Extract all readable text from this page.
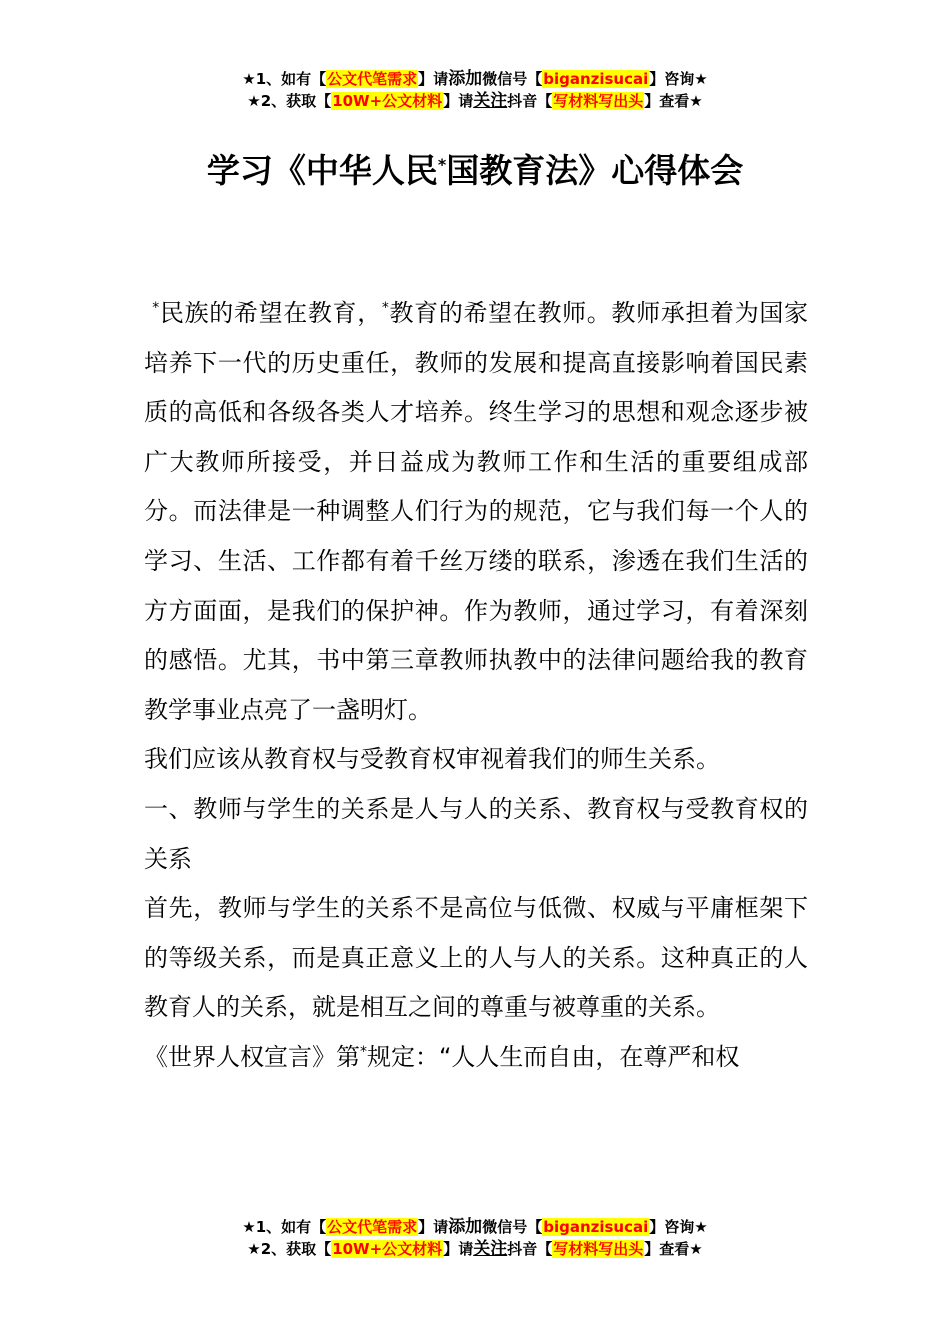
★1、如有【公文代笔需求】请添加微信号【biganzisucai】咨询★
★2、获取【10W+公文材料】请关注抖音【写材料写出头】查看★
学习《中华人民*国教育法》心得体会

*民族的希望在教育，*教育的希望在教师。教师承担着为国家培养下一代的历史重任，教师的发展和提高直接影响着国民素质的高低和各级各类人才培养。终生学习的思想和观念逐步被广大教师所接受，并日益成为教师工作和生活的重要组成部分。而法律是一种调整人们行为的规范，它与我们每一个人的学习、生活、工作都有着千丝万缕的联系，渗透在我们生活的方方面面，是我们的保护神。作为教师，通过学习，有着深刻的感悟。尤其，书中第三章教师执教中的法律问题给我的教育教学事业点亮了一盏明灯。

我们应该从教育权与受教育权审视着我们的师生关系。

一、教师与学生的关系是人与人的关系、教育权与受教育权的关系

首先，教师与学生的关系不是高位与低微、权威与平庸框架下的等级关系，而是真正意义上的人与人的关系。这种真正的人教育人的关系，就是相互之间的尊重与被尊重的关系。

《世界人权宣言》第*规定：“人人生而自由，在尊严和权

★1、如有【公文代笔需求】请添加微信号【biganzisucai】咨询★
★2、获取【10W+公文材料】请关注抖音【写材料写出头】查看★
